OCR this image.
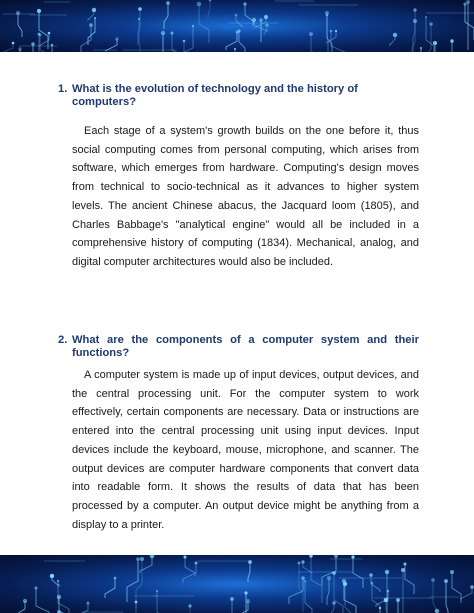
1. What is the evolution of technology and the history of computers?

Each stage of a system's growth builds on the one before it, thus social computing comes from personal computing, which arises from software, which emerges from hardware. Computing's design moves from technical to socio-technical as it advances to higher system levels. The ancient Chinese abacus, the Jacquard loom (1805), and Charles Babbage's "analytical engine" would all be included in a comprehensive history of computing (1834). Mechanical, analog, and digital computer architectures would also be included.

2. What are the components of a computer system and their
functions?

A computer system is made up of input devices, output devices, and the central processing unit. For the computer system to work effectively, certain components are necessary. Data or instructions are entered into the central processing unit using input devices. Input devices include the keyboard, mouse, microphone, and scanner. The output devices are computer hardware components that convert data into readable form. It shows the results of data that has been processed by a computer. An output device might be anything from a display to a printer.
